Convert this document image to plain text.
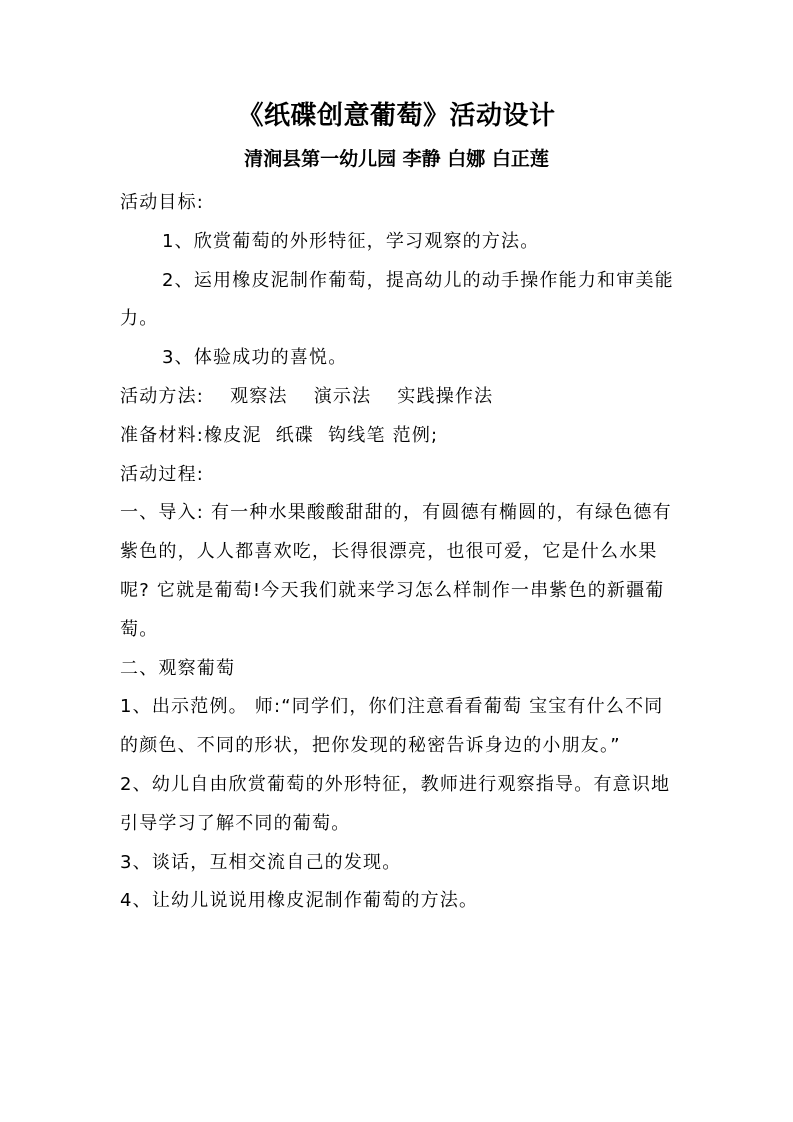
《纸碟创意葡萄》活动设计
清涧县第一幼儿园 李静 白娜 白正莲

活动目标:

1、欣赏葡萄的外形特征，学习观察的方法。

2、运用橡皮泥制作葡萄，提高幼儿的动手操作能力和审美能力。

3、体验成功的喜悦。

活动方法: 观察法 演示法 实践操作法

准备材料:橡皮泥 纸碟 钩线笔 范例;

活动过程:

一、导入: 有一种水果酸酸甜甜的，有圆德有椭圆的，有绿色德有紫色的，人人都喜欢吃，长得很漂亮，也很可爱，它是什么水果呢? 它就是葡萄!今天我们就来学习怎么样制作一串紫色的新疆葡萄。

二、观察葡萄

1、出示范例。 师:“同学们，你们注意看看葡萄 宝宝有什么不同的颜色、不同的形状，把你发现的秘密告诉身边的小朋友。”

2、幼儿自由欣赏葡萄的外形特征，教师进行观察指导。有意识地引导学习了解不同的葡萄。

3、谈话，互相交流自己的发现。

4、让幼儿说说用橡皮泥制作葡萄的方法。
